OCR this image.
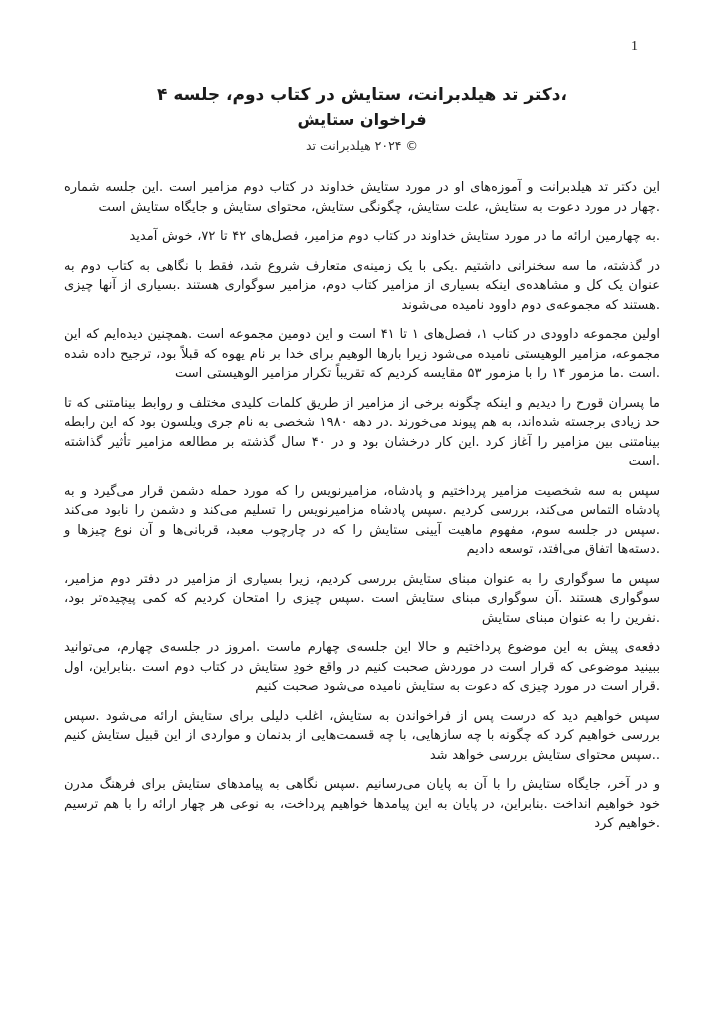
1
دکتر تد هیلدبرانت، ستایش در کتاب دوم، جلسه ۴،
فراخوان ستایش
© ۲۰۲۴ هیلدبرانت تد

این دکتر تد هیلدبرانت و آموزه‌های او در مورد ستایش خداوند در کتاب دوم مزامیر است .این جلسه شماره چهار در مورد دعوت به ستایش، علت ستایش، چگونگی ستایش، محتوای ستایش و جایگاه ستایش است.

به چهارمین ارائه ما در مورد ستایش خداوند در کتاب دوم مزامیر، فصل‌های ۴۲ تا ۷۲، خوش آمدید.

در گذشته، ما سه سخنرانی داشتیم .یکی با یک زمینه‌ی متعارف شروع شد، فقط با نگاهی به کتاب دوم به عنوان یک کل و مشاهده‌ی اینکه بسیاری از مزامیر کتاب دوم، مزامیر سوگواری هستند .بسیاری از آنها چیزی هستند که مجموعه‌ی دوم داوود نامیده می‌شوند.

اولین مجموعه داوودی در کتاب ۱، فصل‌های ۱ تا ۴۱ است و این دومین مجموعه است .همچنین دیده‌ایم که این مجموعه، مزامیر الوهیستی نامیده می‌شود زیرا بارها الوهیم برای خدا بر نام یهوه که قبلاً بود، ترجیح داده شده است .ما مزمور ۱۴ را با مزمور ۵۳ مقایسه کردیم که تقریباً تکرار مزامیر الوهیستی است.

ما پسران قورح را دیدیم و اینکه چگونه برخی از مزامیر از طریق کلمات کلیدی مختلف و روابط بینامتنی که تا حد زیادی برجسته شده‌اند، به هم پیوند می‌خورند .در دهه ۱۹۸۰ شخصی به نام جری ویلسون بود که این رابطه بینامتنی بین مزامیر را آغاز کرد .این کار درخشان بود و در ۴۰ سال گذشته بر مطالعه مزامیر تأثیر گذاشته است.

سپس به سه شخصیت مزامیر پرداختیم و پادشاه، مزامیرنویس را که مورد حمله دشمن قرار می‌گیرد و به پادشاه التماس می‌کند، بررسی کردیم .سپس پادشاه مزامیرنویس را تسلیم می‌کند و دشمن را نابود می‌کند .سپس در جلسه سوم، مفهوم ماهیت آیینی ستایش را که در چارچوب معبد، قربانی‌ها و آن نوع چیزها و دسته‌ها اتفاق می‌افتد، توسعه دادیم.

سپس ما سوگواری را به عنوان مبنای ستایش بررسی کردیم، زیرا بسیاری از مزامیر در دفتر دوم مزامیر، سوگواری هستند .آن سوگواری مبنای ستایش است .سپس چیزی را امتحان کردیم که کمی پیچیده‌تر بود، نفرین را به عنوان مبنای ستایش.

دفعه‌ی پیش به این موضوع پرداختیم و حالا این جلسه‌ی چهارم ماست .امروز در جلسه‌ی چهارم، می‌توانید ببینید موضوعی که قرار است در موردش صحبت کنیم در واقع خودِ ستایش در کتاب دوم است .بنابراین، اول قرار است در مورد چیزی که دعوت به ستایش نامیده می‌شود صحبت کنیم.

سپس خواهیم دید که درست پس از فراخواندن به ستایش، اغلب دلیلی برای ستایش ارائه می‌شود .سپس بررسی خواهیم کرد که چگونه با چه سازهایی، با چه قسمت‌هایی از بدنمان و مواردی از این قبیل ستایش کنیم .سپس محتوای ستایش بررسی خواهد شد.

و در آخر، جایگاه ستایش را با آن به پایان می‌رسانیم .سپس نگاهی به پیامدهای ستایش برای فرهنگ مدرن خود خواهیم انداخت .بنابراین، در پایان به این پیامدها خواهیم پرداخت، به نوعی هر چهار ارائه را با هم ترسیم خواهیم کرد.
